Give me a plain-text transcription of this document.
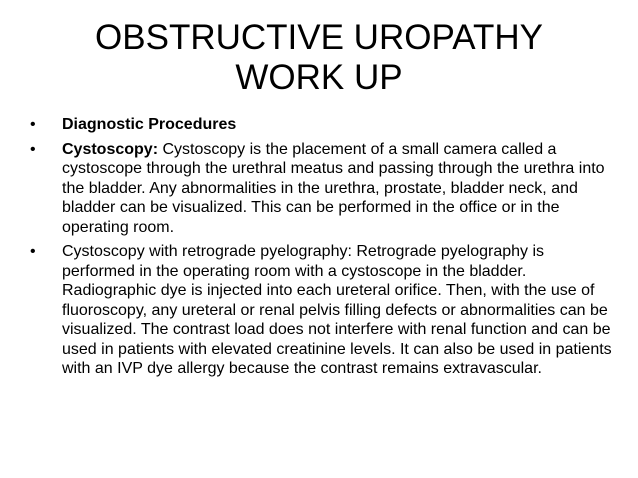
OBSTRUCTIVE UROPATHY
WORK UP
•	Diagnostic Procedures
•	Cystoscopy: Cystoscopy is the placement of a small camera called a cystoscope through the urethral meatus and passing through the urethra into the bladder. Any abnormalities in the urethra, prostate, bladder neck, and bladder can be visualized. This can be performed in the office or in the operating room.
•	Cystoscopy with retrograde pyelography: Retrograde pyelography is performed in the operating room with a cystoscope in the bladder. Radiographic dye is injected into each ureteral orifice. Then, with the use of fluoroscopy, any ureteral or renal pelvis filling defects or abnormalities can be visualized. The contrast load does not interfere with renal function and can be used in patients with elevated creatinine levels. It can also be used in patients with an IVP dye allergy because the contrast remains extravascular.
